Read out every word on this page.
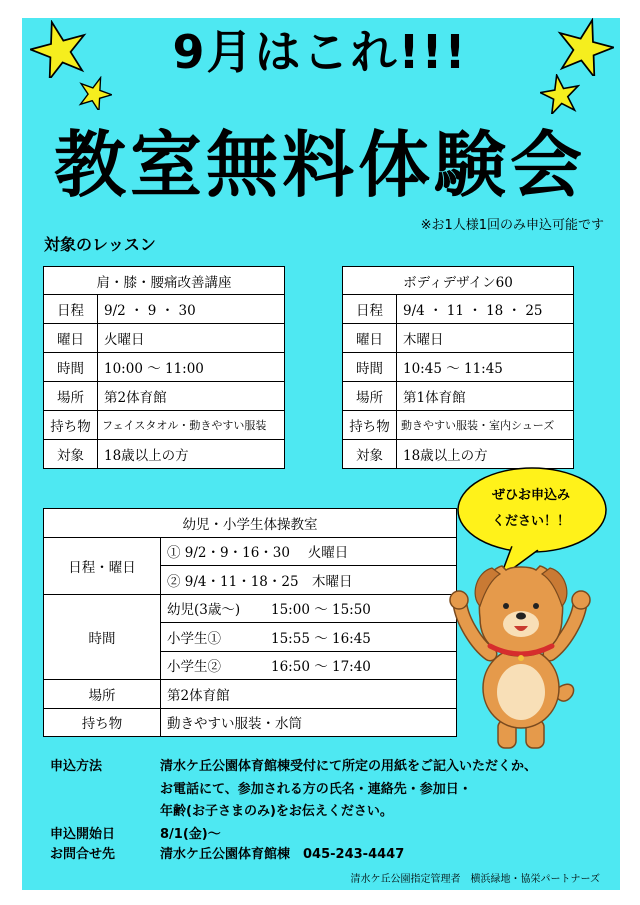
9月はこれ!!!
教室無料体験会
※お1人様1回のみ申込可能です
対象のレッスン
肩・膝・腰痛改善講座	
日程	9/2 ・ 9 ・ 30
曜日	火曜日
時間	10:00 〜 11:00
場所	第2体育館
持ち物	フェイスタオル・動きやすい服装
対象	18歳以上の方
ボディデザイン60	
日程	9/4 ・ 11 ・ 18 ・ 25
曜日	木曜日
時間	10:45 〜 11:45
場所	第1体育館
持ち物	動きやすい服装・室内シューズ
対象	18歳以上の方
幼児・小学生体操教室	
日程・曜日	① 9/2・9・16・30　 火曜日
	② 9/4・11・18・25　木曜日
時間	幼児(3歳〜) 15:00 〜 15:50
	小学生① 15:55 〜 16:45
	小学生② 16:50 〜 17:40
場所	第2体育館
持ち物	動きやすい服装・水筒
ぜひお申込み
ください！！
申込方法	清水ケ丘公園体育館棟受付にて所定の用紙をご記入いただくか、
お電話にて、参加される方の氏名・連絡先・参加日・
年齢(お子さまのみ)をお伝えください。
申込開始日	8/1(金)〜
お問合せ先	清水ケ丘公園体育館棟　045-243-4447
清水ケ丘公園指定管理者　横浜緑地・協栄パートナーズ
